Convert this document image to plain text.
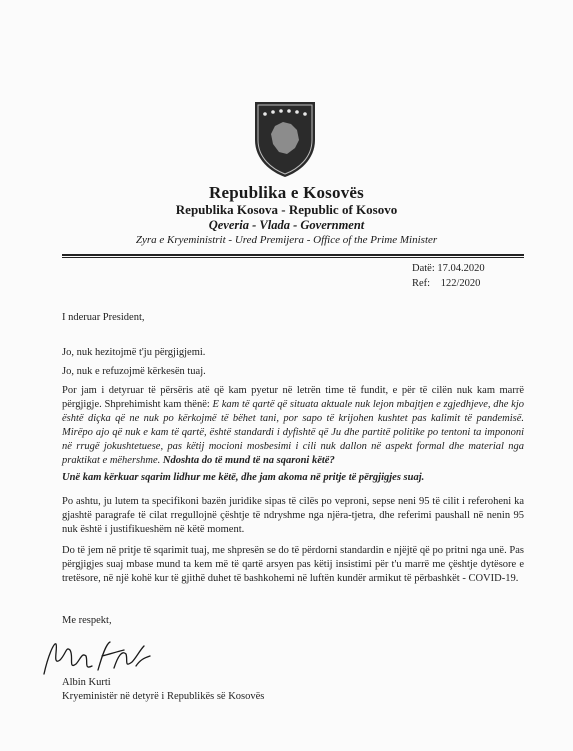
Republika e Kosovës
Republika Kosova - Republic of Kosovo
Qeveria - Vlada - Government
Zyra e Kryeministrit - Ured Premijera - Office of the Prime Minister
Datë: 17.04.2020
Ref: 122/2020
I nderuar President,
Jo, nuk hezitojmë t'ju përgjigjemi.
Jo, nuk e refuzojmë kërkesën tuaj.
Por jam i detyruar të përsëris atë që kam pyetur në letrën time të fundit, e për të cilën nuk kam marrë përgjigje. Shprehimisht kam thënë: E kam të qartë që situata aktuale nuk lejon mbajtjen e zgjedhjeve, dhe kjo është diçka që ne nuk po kërkojmë të bëhet tani, por sapo të krijohen kushtet pas kalimit të pandemisë. Mirëpo ajo që nuk e kam të qartë, është standardi i dyfishtë që Ju dhe partitë politike po tentoni ta impononi në rrugë jokushtetuese, pas këtij mocioni mosbesimi i cili nuk dallon në aspekt formal dhe material nga praktikat e mëhershme. Ndoshta do të mund të na sqaroni këtë?
Unë kam kërkuar sqarim lidhur me këtë, dhe jam akoma në pritje të përgjigjes suaj.
Po ashtu, ju lutem ta specifikoni bazën juridike sipas të cilës po veproni, sepse neni 95 të cilit i referoheni ka gjashtë paragrafe të cilat rregullojnë çështje të ndryshme nga njëra-tjetra, dhe referimi paushall në nenin 95 nuk është i justifikueshëm në këtë moment.
Do të jem në pritje të sqarimit tuaj, me shpresën se do të përdorni standardin e njëjtë që po pritni nga unë. Pas përgjigjes suaj mbase mund ta kem më të qartë arsyen pas këtij insistimi për t'u marrë me çështje dytësore e tretësore, në një kohë kur të gjithë duhet të bashkohemi në luftën kundër armikut të përbashkët - COVID-19.
Me respekt,
Albin Kurti
Kryeministër në detyrë i Republikës së Kosovës
